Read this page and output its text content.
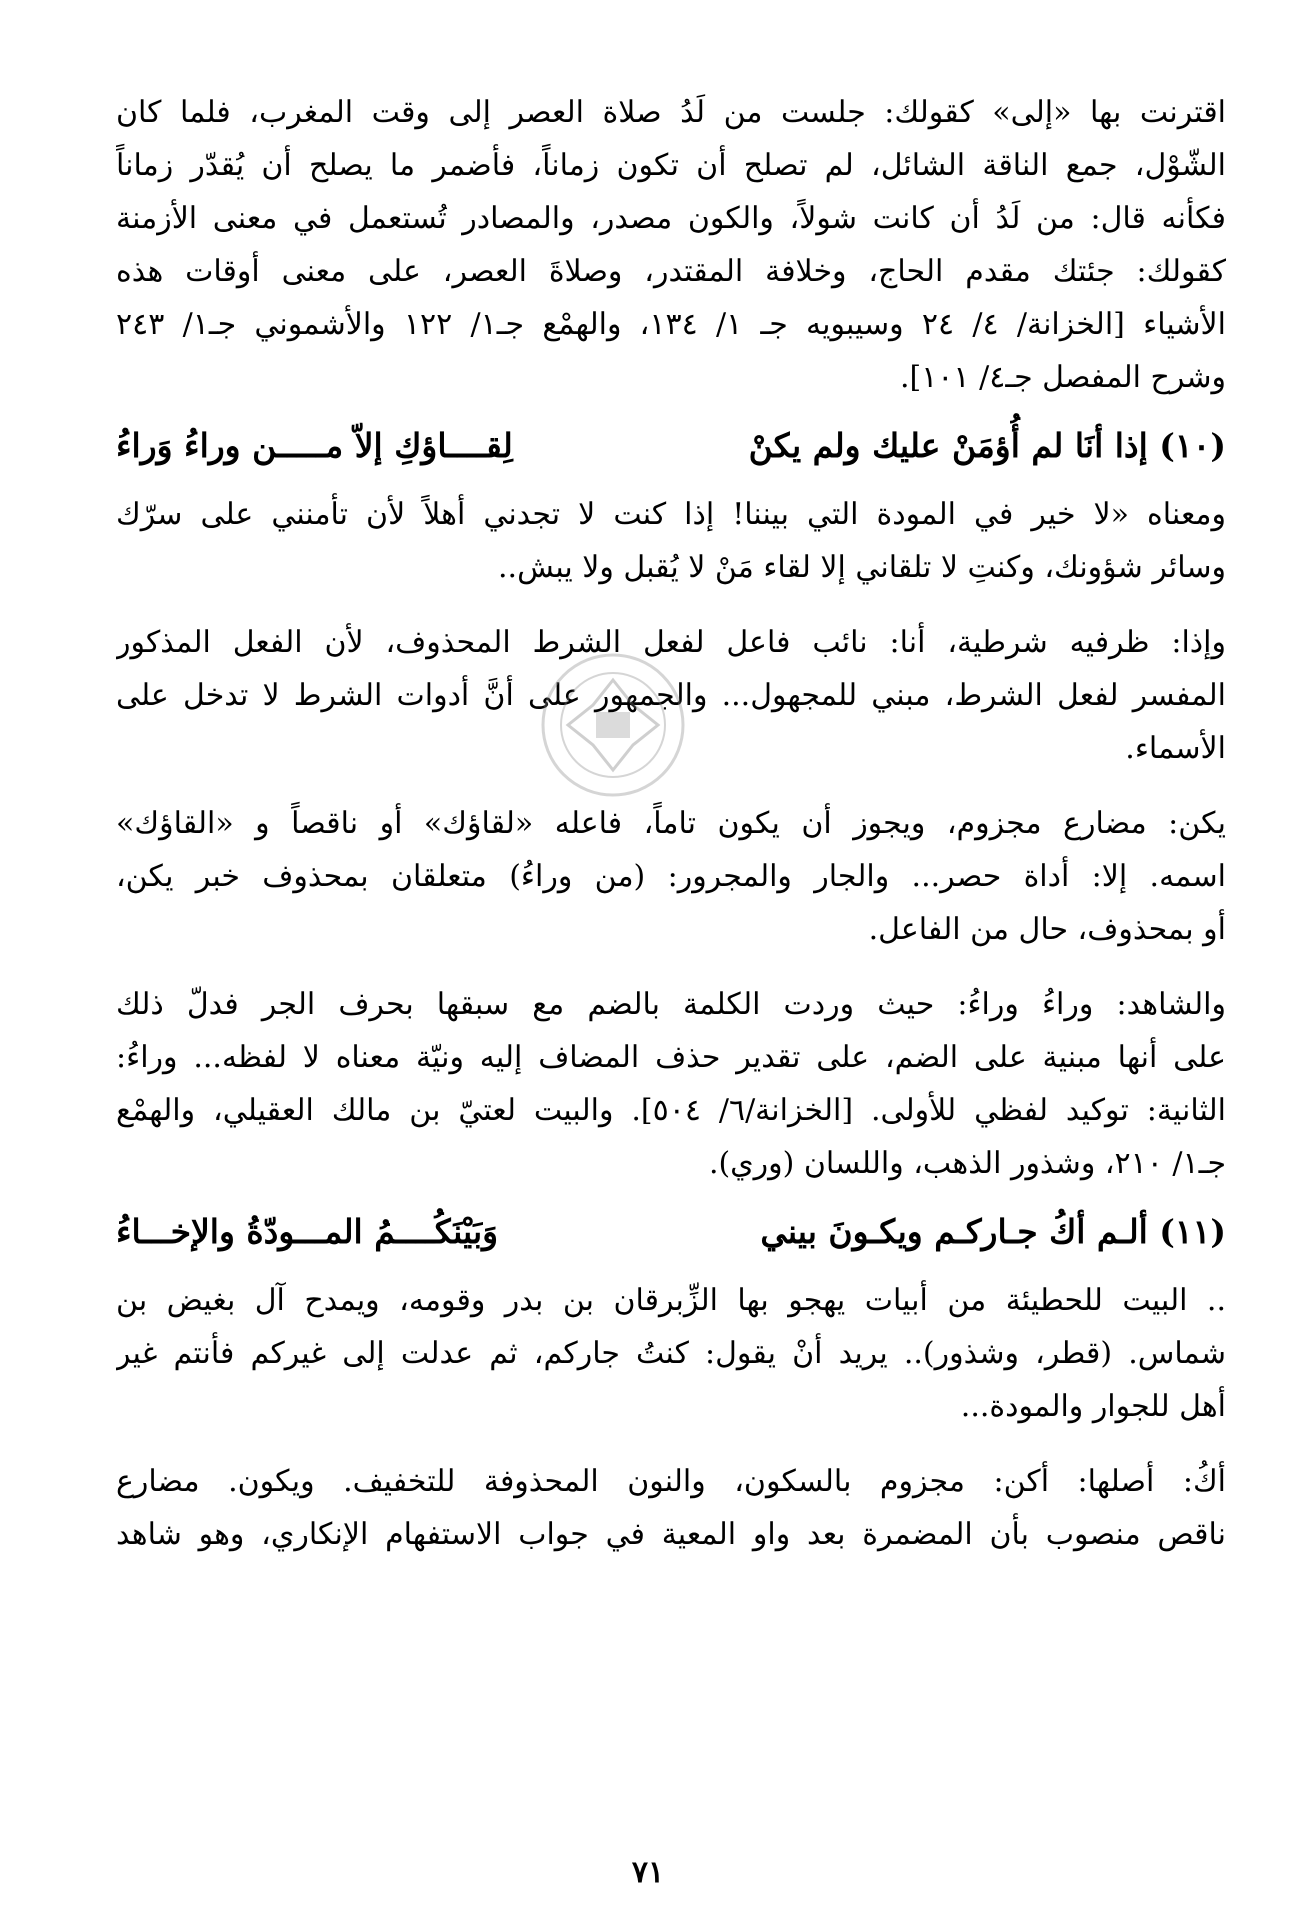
اقترنت بها «إلى» كقولك: جلست من لَدُ صلاة العصر إلى وقت المغرب، فلما كان
الشّوْل، جمع الناقة الشائل، لم تصلح أن تكون زماناً، فأضمر ما يصلح أن يُقدّر زماناً
فكأنه قال: من لَدُ أن كانت شولاً، والكون مصدر، والمصادر تُستعمل في معنى الأزمنة
كقولك: جئتك مقدم الحاج، وخلافة المقتدر، وصلاةَ العصر، على معنى أوقات هذه
الأشياء [الخزانة/ ٤/ ٢٤ وسيبويه جـ ١/ ١٣٤، والهمْع جـ١/ ١٢٢ والأشموني جـ١/ ٢٤٣
وشرح المفصل جـ٤/ ١٠١].

(١٠) إذا أنَا لم أُؤمَنْ عليك ولم يكنْ
لِقــــاؤكِ إلاّ مـــــن وراءُ وَراءُ

ومعناه «لا خير في المودة التي بيننا! إذا كنت لا تجدني أهلاً لأن تأمنني على سرّك
وسائر شؤونك، وكنتِ لا تلقاني إلا لقاء مَنْ لا يُقبل ولا يبش..

وإذا: ظرفيه شرطية، أنا: نائب فاعل لفعل الشرط المحذوف، لأن الفعل المذكور
المفسر لفعل الشرط، مبني للمجهول... والجمهور على أنَّ أدوات الشرط لا تدخل على
الأسماء.

يكن: مضارع مجزوم، ويجوز أن يكون تاماً، فاعله «لقاؤك» أو ناقصاً و «القاؤك»
اسمه. إلا: أداة حصر... والجار والمجرور: (من وراءُ) متعلقان بمحذوف خبر يكن،
أو بمحذوف، حال من الفاعل.

والشاهد: وراءُ وراءُ: حيث وردت الكلمة بالضم مع سبقها بحرف الجر فدلّ ذلك
على أنها مبنية على الضم، على تقدير حذف المضاف إليه ونيّة معناه لا لفظه... وراءُ:
الثانية: توكيد لفظي للأولى. [الخزانة/٦/ ٥٠٤]. والبيت لعتيّ بن مالك العقيلي، والهمْع
جـ١/ ٢١٠، وشذور الذهب، واللسان (وري).

(١١) ألـم أكُ جـاركـم ويكـونَ بيني
وَبَيْنَكُــــمُ المـــودّةُ والإخـــاءُ

.. البيت للحطيئة من أبيات يهجو بها الزِّبرقان بن بدر وقومه، ويمدح آل بغيض بن
شماس. (قطر، وشذور).. يريد أنْ يقول: كنتُ جاركم، ثم عدلت إلى غيركم فأنتم غير
أهل للجوار والمودة...

أكُ: أصلها: أكن: مجزوم بالسكون، والنون المحذوفة للتخفيف. ويكون. مضارع
ناقص منصوب بأن المضمرة بعد واو المعية في جواب الاستفهام الإنكاري، وهو شاهد

٧١
